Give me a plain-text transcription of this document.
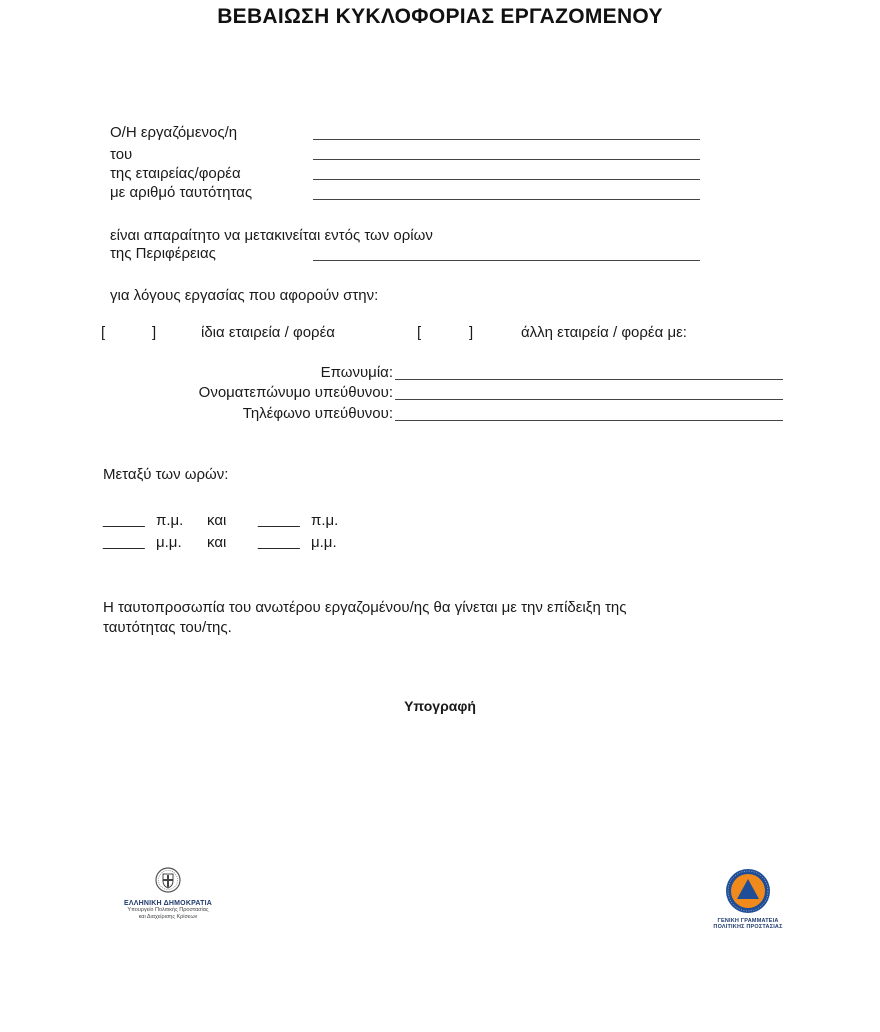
ΒΕΒΑΙΩΣΗ ΚΥΚΛΟΦΟΡΙΑΣ ΕΡΓΑΖΟΜΕΝΟΥ
Ο/Η εργαζόμενος/η
του
της εταιρείας/φορέα
με αριθμό ταυτότητας
είναι απαραίτητο να μετακινείται εντός των ορίων
της Περιφέρειας
για λόγους εργασίας που αφορούν στην:
[	]	ίδια εταιρεία / φορέα	[	]	άλλη εταιρεία / φορέα με:
Επωνυμία:
Ονοματεπώνυμο υπεύθυνου:
Τηλέφωνο υπεύθυνου:
Μεταξύ των ωρών:
_____ π.μ. και _____ π.μ.
_____ μ.μ. και _____ μ.μ.
Η ταυτοπροσωπία του ανωτέρου εργαζομένου/ης θα γίνεται με την επίδειξη της
ταυτότητας του/της.
Υπογραφή
ΕΛΛΗΝΙΚΗ ΔΗΜΟΚΡΑΤΙΑ
Υπουργείο Πολιτικής Προστασίας
και Διαχείρισης Κρίσεων
ΓΕΝΙΚΗ ΓΡΑΜΜΑΤΕΙΑ
ΠΟΛΙΤΙΚΗΣ ΠΡΟΣΤΑΣΙΑΣ
